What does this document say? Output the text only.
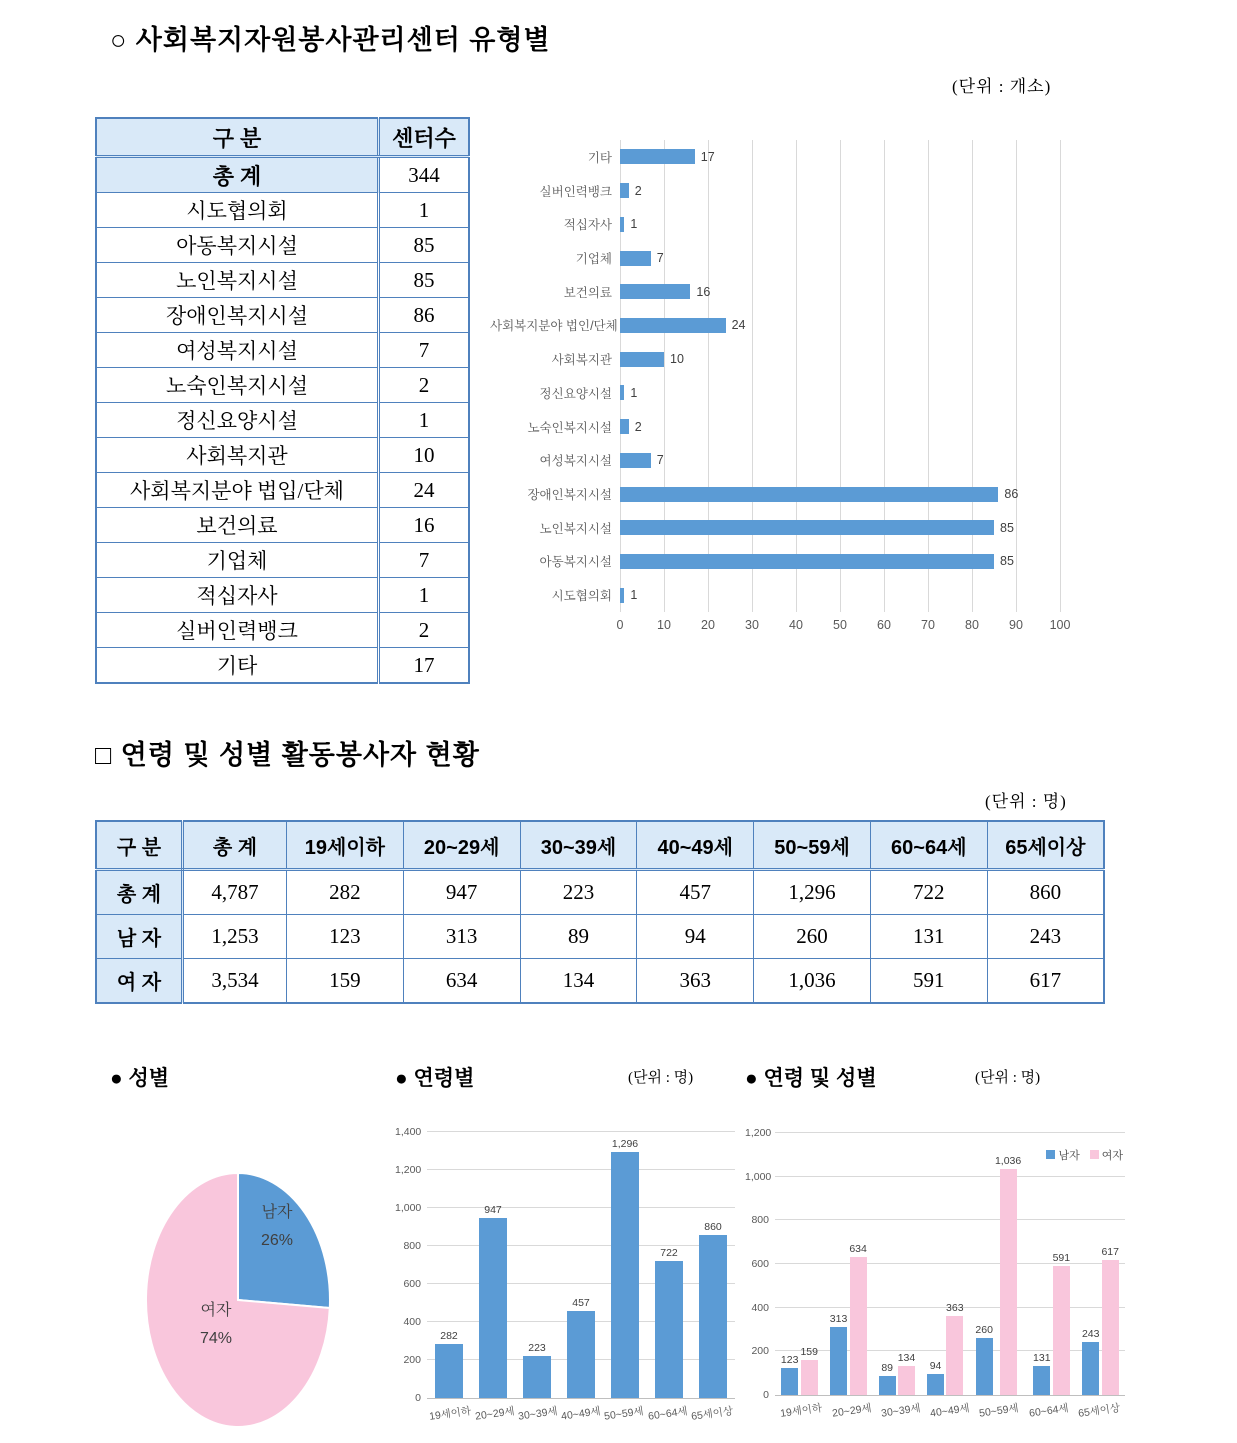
○ 사회복지자원봉사관리센터 유형별
(단위 : 개소)
구 분	센터수
총 계	344
시도협의회	1
아동복지시설	85
노인복지시설	85
장애인복지시설	86
여성복지시설	7
노숙인복지시설	2
정신요양시설	1
사회복지관	10
사회복지분야 법입/단체	24
보건의료	16
기업체	7
적십자사	1
실버인력뱅크	2
기타	17
기타	17
실버인력뱅크	2
적십자사	1
기업체	7
보건의료	16
사회복지분야 법인/단체	24
사회복지관	10
정신요양시설	1
노숙인복지시설	2
여성복지시설	7
장애인복지시설	86
노인복지시설	85
아동복지시설	85
시도협의회	1
0	10 20 30 40 50 60 70 80 90 100
□ 연령 및 성별 활동봉사자 현황
(단위 : 명)
구 분	총 계	19세이하	20~29세	30~39세	40~49세	50~59세	60~64세	65세이상
총 계	4,787	282	947	223	457	1,296	722	860
남 자	1,253	123	313	89	94	260	131	243
여 자	3,534	159	634	134	363	1,036	591	617
● 성별
남자
26%
여자
74%
● 연령별	(단위 : 명)
282
947
223
457
1,296
722
860
0
200
400
600
800
1,000
1,200
1,400
19세이하 20~29세 30~39세 40~49세 50~59세 60~64세 65세이상
● 연령 및 성별	(단위 : 명)
123
159
313
634
89
134
94
363
260
1,036
131
591
243
617
0
200
400
600
800
1,000
1,200
남자	여자
19세이하 20~29세 30~39세 40~49세 50~59세 60~64세 65세이상
